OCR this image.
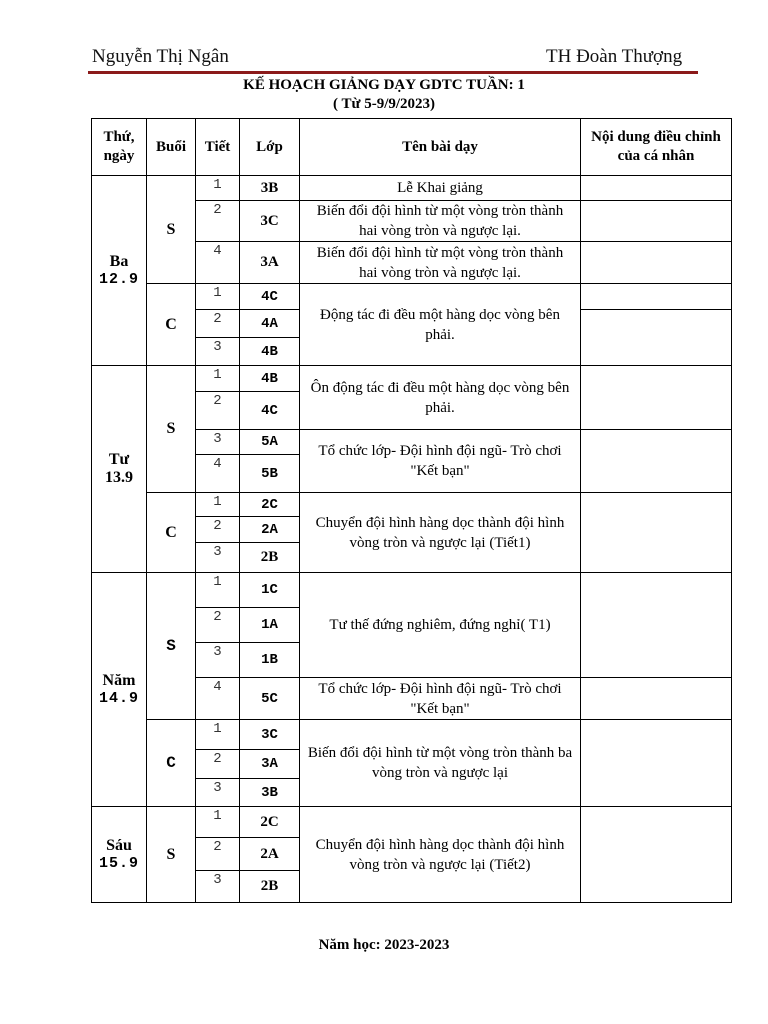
Nguyễn Thị Ngân	TH Đoàn Thượng
KẾ HOẠCH GIẢNG DẠY GDTC TUẦN: 1
( Từ 5-9/9/2023)
Thứ, ngày	Buổi	Tiết	Lớp	Tên bài dạy	Nội dung điều chỉnh của cá nhân

Ba
12.9	S	1	3B	Lễ Khai giảng	
		2	3C	Biến đổi đội hình từ một vòng tròn thành hai vòng tròn và ngược lại.	
		4	3A	Biến đổi đội hình từ một vòng tròn thành hai vòng tròn và ngược lại.	
	C	1	4C	Động tác đi đều một hàng dọc vòng bên phải.	
		2	4A		
		3	4B		

Tư
13.9	S	1	4B	Ôn động tác đi đều một hàng dọc vòng bên phải.	
		2	4C		
		3	5A	Tổ chức lớp- Đội hình đội ngũ- Trò chơi "Kết bạn"	
		4	5B		
	C	1	2C	Chuyển đội hình hàng dọc thành đội hình vòng tròn và ngược lại (Tiết1)	
		2	2A		
		3	2B		

Năm
14.9	S	1	1C	Tư thế đứng nghiêm, đứng nghỉ( T1)	
		2	1A		
		3	1B		
		4	5C	Tổ chức lớp- Đội hình đội ngũ- Trò chơi "Kết bạn"	
	C	1	3C	Biến đổi đội hình từ một vòng tròn thành ba vòng tròn và ngược lại	
		2	3A		
		3	3B		

Sáu
15.9	S	1	2C	Chuyển đội hình hàng dọc thành đội hình vòng tròn và ngược lại (Tiết2)	
		2	2A		
		3	2B		
Năm học: 2023-2023
